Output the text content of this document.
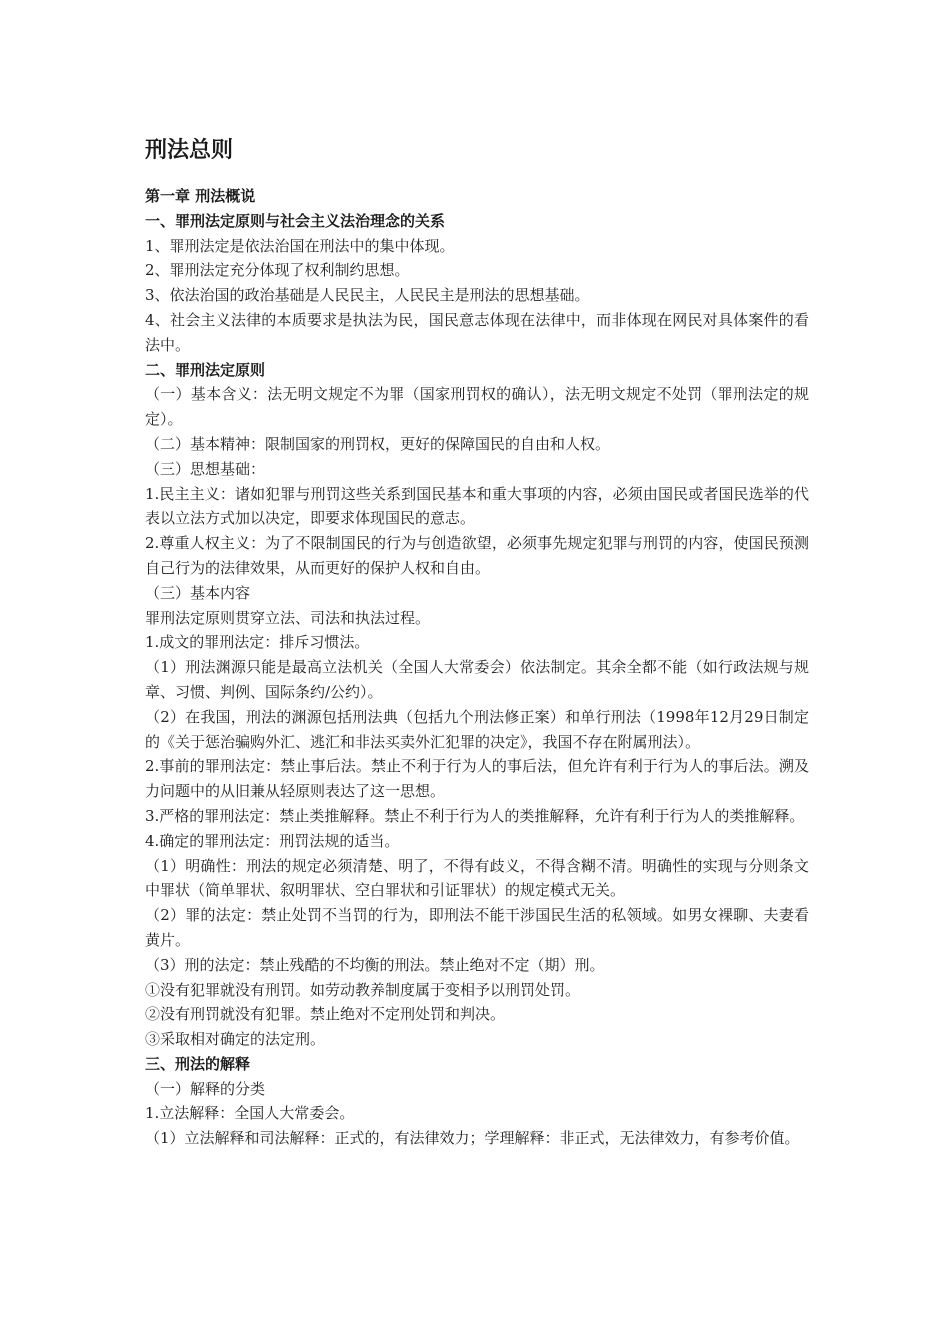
刑法总则
第一章 刑法概说
一、罪刑法定原则与社会主义法治理念的关系
1、罪刑法定是依法治国在刑法中的集中体现。
2、罪刑法定充分体现了权利制约思想。
3、依法治国的政治基础是人民民主，人民民主是刑法的思想基础。
4、社会主义法律的本质要求是执法为民，国民意志体现在法律中，而非体现在网民对具体案件的看法中。
二、罪刑法定原则
（一）基本含义：法无明文规定不为罪（国家刑罚权的确认），法无明文规定不处罚（罪刑法定的规定）。
（二）基本精神：限制国家的刑罚权，更好的保障国民的自由和人权。
（三）思想基础：
1.民主主义：诸如犯罪与刑罚这些关系到国民基本和重大事项的内容，必须由国民或者国民选举的代表以立法方式加以决定，即要求体现国民的意志。
2.尊重人权主义：为了不限制国民的行为与创造欲望，必须事先规定犯罪与刑罚的内容，使国民预测自己行为的法律效果，从而更好的保护人权和自由。
（三）基本内容
罪刑法定原则贯穿立法、司法和执法过程。
1.成文的罪刑法定：排斥习惯法。
（1）刑法渊源只能是最高立法机关（全国人大常委会）依法制定。其余全都不能（如行政法规与规章、习惯、判例、国际条约/公约）。
（2）在我国，刑法的渊源包括刑法典（包括九个刑法修正案）和单行刑法（1998年12月29日制定的《关于惩治骗购外汇、逃汇和非法买卖外汇犯罪的决定》，我国不存在附属刑法）。
2.事前的罪刑法定：禁止事后法。禁止不利于行为人的事后法，但允许有利于行为人的事后法。溯及力问题中的从旧兼从轻原则表达了这一思想。
3.严格的罪刑法定：禁止类推解释。禁止不利于行为人的类推解释，允许有利于行为人的类推解释。
4.确定的罪刑法定：刑罚法规的适当。
（1）明确性：刑法的规定必须清楚、明了，不得有歧义，不得含糊不清。明确性的实现与分则条文中罪状（简单罪状、叙明罪状、空白罪状和引证罪状）的规定模式无关。
（2）罪的法定：禁止处罚不当罚的行为，即刑法不能干涉国民生活的私领域。如男女裸聊、夫妻看黄片。
（3）刑的法定：禁止残酷的不均衡的刑法。禁止绝对不定（期）刑。
①没有犯罪就没有刑罚。如劳动教养制度属于变相予以刑罚处罚。
②没有刑罚就没有犯罪。禁止绝对不定刑处罚和判决。
③采取相对确定的法定刑。
三、刑法的解释
（一）解释的分类
1.立法解释：全国人大常委会。
（1）立法解释和司法解释：正式的，有法律效力；学理解释：非正式，无法律效力，有参考价值。
